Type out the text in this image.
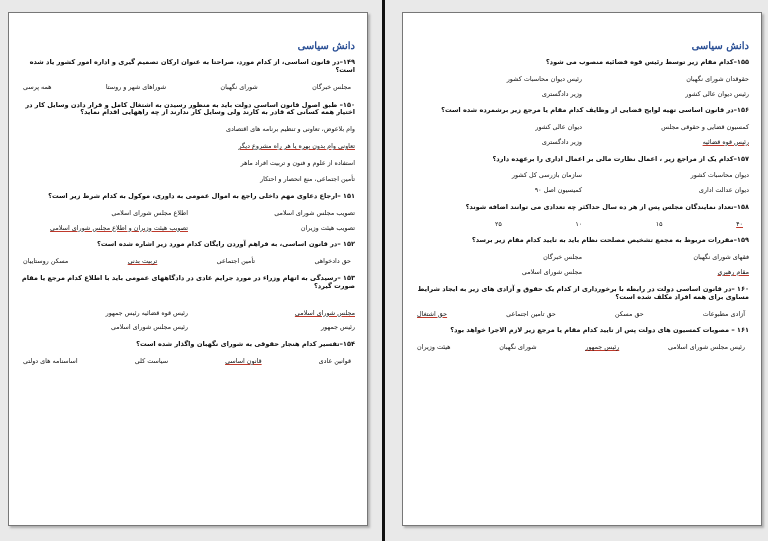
دانش سیاسی
۱۴۹–در قانون اساسی، از کدام مورد، صراحتا به عنوان ارکان تصمیم گیری و اداره امور کشور یاد شده است؟
مجلس خبرگان
شورای نگهبان
شوراهای شهر و روستا
همه پرسی
۱۵۰– طبق اصول قانون اساسی دولت باید به منظور رسیدن به اشتغال کامل و قرار دادن وسایل کار در اختیار همه کسانی که قادر به کارند ولی وسایل کار ندارند از چه راههایی اقدام نماید؟
وام بلاعوض، تعاونی و تنظیم برنامه های اقتصادی
تعاونی وام بدون بهره یا هر راه مشروع دیگر
استفاده از علوم و فنون و تربیت افراد ماهر
تأمین اجتماعی، منع انحصار و احتکار
۱۵۱ –ارجاع دعاوی مهم داخلی راجع به اموال عمومی به داوری، موکول به کدام شرط زیر است؟
تصویب مجلس شورای اسلامی
اطلاع مجلس شورای اسلامی
تصویب هیئت وزیران
تصویب هیئت وزیران و اطلاع مجلس شورای اسلامی
۱۵۲ –در قانون اساسی، به فراهم آوردن رایگان کدام مورد زیر اشاره شده است؟
حق دادخواهی
تأمین اجتماعی
تربیت بدنی
مسکن روستاییان
۱۵۳ –رسیدگی به اتهام وزراء در مورد جرایم عادی در دادگاههای عمومی باید با اطلاع کدام مرجع یا مقام صورت گیرد؟
مجلس شورای اسلامی
رئیس قوه قضائیه رئیس جمهور
رئیس جمهور
رئیس مجلس شورای اسلامی
۱۵۴–تفسیر کدام هنجار حقوقی به شورای نگهبان واگذار شده است؟
قوانین عادی
قانون اساسی
سیاست کلی
اساسنامه های دولتی
دانش سیاسی
۱۵۵–کدام مقام زیر توسط رئیس قوه قضائیه منصوب می شود؟
حقوقدان شورای نگهبان
رئیس دیوان محاسبات کشور
رئیس دیوان عالی کشور
وزیر دادگستری
۱۵۶–در قانون اساسی تهیه لوایح قضایی از وظایف کدام مقام یا مرجع زیر برشمرده شده است؟
کمسیون قضایی و حقوقی مجلس
دیوان عالی کشور
رئیس قوه قضائیه
وزیر دادگستری
۱۵۷–کدام یک از مراجع زیر ، اعمال نظارت مالی بر اعمال اداری را برعهده دارد؟
دیوان محاسبات کشور
سازمان بازرسی کل کشور
دیوان عدالت اداری
کمیسیون اصل ۹۰
۱۵۸–تعداد نمایندگان مجلس پس از هر ده سال حداکثر چه تعدادی می توانند اضافه شوند؟
۴۰
۱۵
۱۰
۲۵
۱۵۹–مقررات مربوط به مجمع تشخیص مصلحت نظام باید به تایید کدام مقام زیر برسد؟
فقهای شورای نگهبان
مجلس خبرگان
مقام رهبری
مجلس شورای اسلامی
۱۶۰ –در قانون اساسی دولت در رابطه با برخورداری از کدام یک حقوق و آزادی های زیر به ایجاد شرایط مساوی برای همه افراد مکلف شده است؟
آزادی مطبوعات
حق مسکن
حق تامین اجتماعی
حق اشتغال
۱۶۱ – مصوبات کمسیون های دولت پس از تایید کدام مقام یا مرجع زیر لازم الاجرا خواهد بود؟
رئیس مجلس شورای اسلامی
رئیس جمهور
شورای نگهبان
هیئت وزیران
